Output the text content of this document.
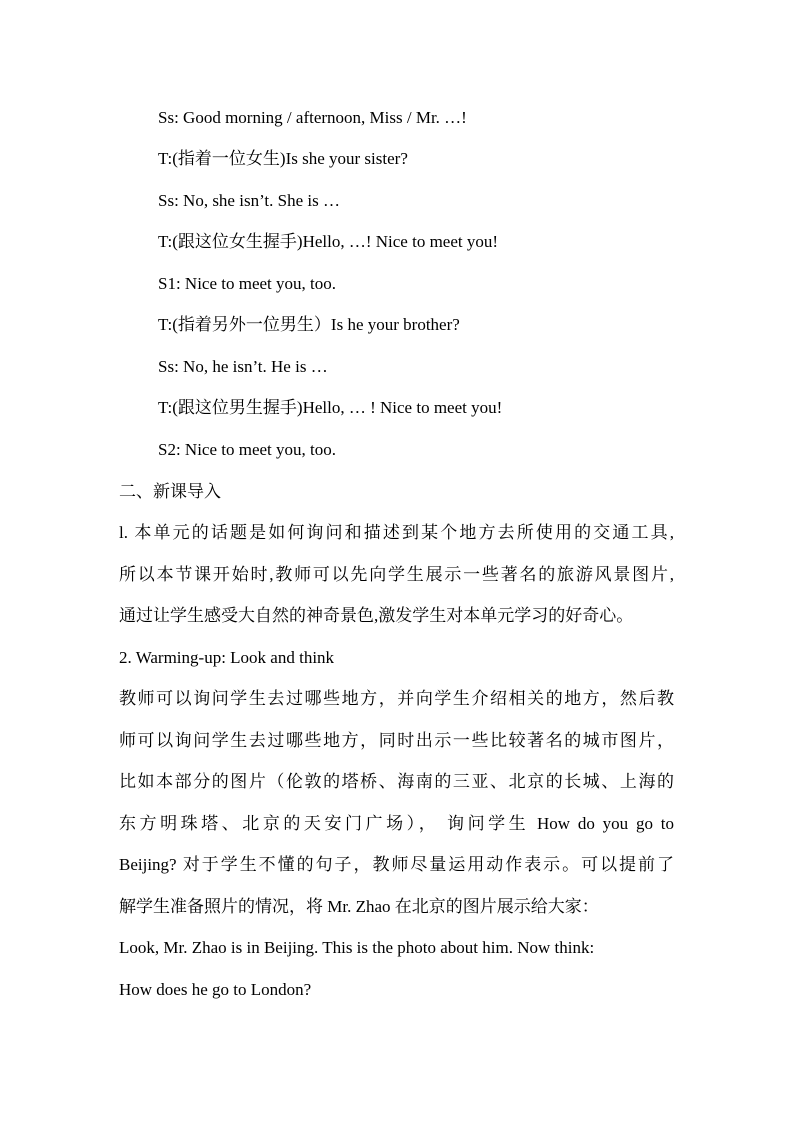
Ss: Good morning / afternoon, Miss / Mr. …!
T:(指着一位女生)Is she your sister?
Ss: No, she isn’t. She is …
T:(跟这位女生握手)Hello, …! Nice to meet you!
S1: Nice to meet you, too.
T:(指着另外一位男生）Is he your brother?
Ss: No, he isn’t. He is …
T:(跟这位男生握手)Hello, … ! Nice to meet you!
S2: Nice to meet you, too.
二、新课导入
l. 本单元的话题是如何询问和描述到某个地方去所使用的交通工具,
所以本节课开始时,教师可以先向学生展示一些著名的旅游风景图片,
通过让学生感受大自然的神奇景色,激发学生对本单元学习的好奇心。
2. Warming-up: Look and think
教师可以询问学生去过哪些地方，并向学生介绍相关的地方，然后教
师可以询问学生去过哪些地方，同时出示一些比较著名的城市图片，
比如本部分的图片（伦敦的塔桥、海南的三亚、北京的长城、上海的
东方明珠塔、北京的天安门广场）， 询问学生 How do you go to
Beijing? 对于学生不懂的句子，教师尽量运用动作表示。可以提前了
解学生准备照片的情况，将 Mr. Zhao 在北京的图片展示给大家：
Look, Mr. Zhao is in Beijing. This is the photo about him. Now think:
How does he go to London?
